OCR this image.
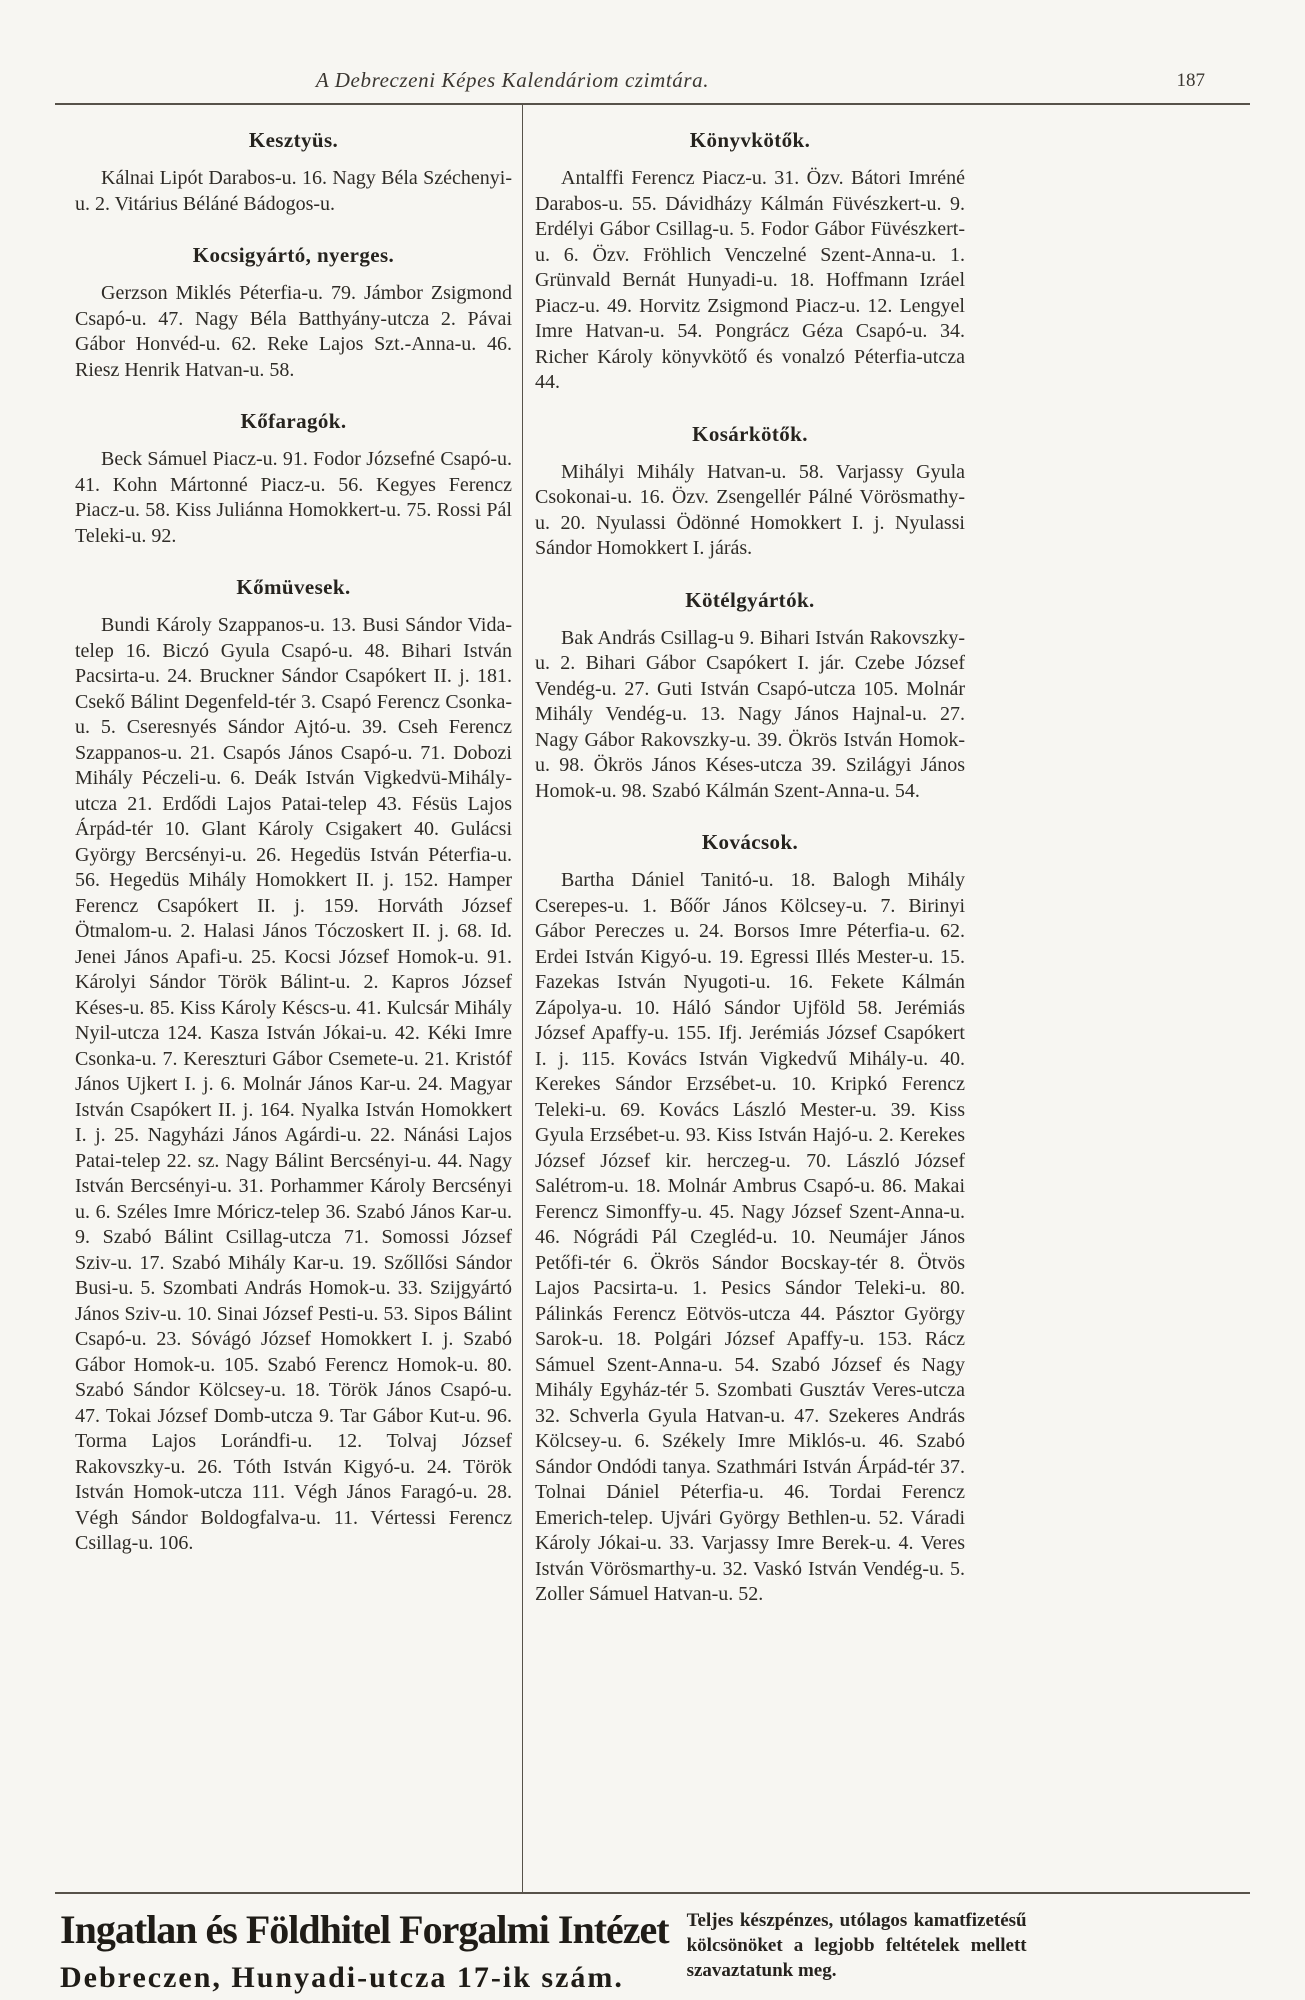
A Debreczeni Képes Kalendáriom czimtára.	187
Kesztyüs.

Kálnai Lipót Darabos-u. 16. Nagy Béla Széchenyi-u. 2. Vitárius Béláné Bádogos-u.

Kocsigyártó, nyerges.

Gerzson Miklés Péterfia-u. 79. Jámbor Zsigmond Csapó-u. 47. Nagy Béla Batthyány-utcza 2. Pávai Gábor Honvéd-u. 62. Reke Lajos Szt.-Anna-u. 46. Riesz Henrik Hatvan-u. 58.

Kőfaragók.

Beck Sámuel Piacz-u. 91. Fodor Józsefné Csapó-u. 41. Kohn Mártonné Piacz-u. 56. Kegyes Ferencz Piacz-u. 58. Kiss Juliánna Homokkert-u. 75. Rossi Pál Teleki-u. 92.

Kőmüvesek.

Bundi Károly Szappanos-u. 13. Busi Sándor Vida-telep 16. Biczó Gyula Csapó-u. 48. Bihari István Pacsirta-u. 24. Bruckner Sándor Csapókert II. j. 181. Csekő Bálint Degenfeld-tér 3. Csapó Ferencz Csonka-u. 5. Cseresnyés Sándor Ajtó-u. 39. Cseh Ferencz Szappanos-u. 21. Csapós János Csapó-u. 71. Dobozi Mihály Péczeli-u. 6. Deák István Vigkedvü-Mihály-utcza 21. Erdődi Lajos Patai-telep 43. Fésüs Lajos Árpád-tér 10. Glant Károly Csigakert 40. Gulácsi György Bercsényi-u. 26. Hegedüs István Péterfia-u. 56. Hegedüs Mihály Homokkert II. j. 152. Hamper Ferencz Csapókert II. j. 159. Horváth József Ötmalom-u. 2. Halasi János Tóczoskert II. j. 68. Id. Jenei János Apafi-u. 25. Kocsi József Homok-u. 91. Károlyi Sándor Török Bálint-u. 2. Kapros József Késes-u. 85. Kiss Károly Késcs-u. 41. Kulcsár Mihály Nyil-utcza 124. Kasza István Jókai-u. 42. Kéki Imre Csonka-u. 7. Kereszturi Gábor Csemete-u. 21. Kristóf János Ujkert I. j. 6. Molnár János Kar-u. 24. Magyar István Csapókert II. j. 164. Nyalka István Homokkert I. j. 25. Nagyházi János Agárdi-u. 22. Nánási Lajos Patai-telep 22. sz. Nagy Bálint Bercsényi-u. 44. Nagy István Bercsényi-u. 31. Porhammer Károly Bercsényi u. 6. Széles Imre Móricz-telep 36. Szabó János Kar-u. 9. Szabó Bálint Csillag-utcza 71. Somossi József Sziv-u. 17. Szabó Mihály Kar-u. 19. Szőllősi Sándor Busi-u. 5. Szombati András Homok-u. 33. Szijgyártó János Sziv-u. 10. Sinai József Pesti-u. 53. Sipos Bálint Csapó-u. 23. Sóvágó József Homokkert I. j. Szabó Gábor Homok-u. 105. Szabó Ferencz Homok-u. 80. Szabó Sándor Kölcsey-u. 18. Török János Csapó-u. 47. Tokai József Domb-utcza 9. Tar Gábor Kut-u. 96. Torma Lajos Lorándfi-u. 12. Tolvaj József Rakovszky-u. 26. Tóth István Kigyó-u. 24. Török István Homok-utcza 111. Végh János Faragó-u. 28. Végh Sándor Boldogfalva-u. 11. Vértessi Ferencz Csillag-u. 106.

Könyvkötők.

Antalffi Ferencz Piacz-u. 31. Özv. Bátori Imréné Darabos-u. 55. Dávidházy Kálmán Füvészkert-u. 9. Erdélyi Gábor Csillag-u. 5. Fodor Gábor Füvészkert-u. 6. Özv. Fröhlich Venczelné Szent-Anna-u. 1. Grünvald Bernát Hunyadi-u. 18. Hoffmann Izráel Piacz-u. 49. Horvitz Zsigmond Piacz-u. 12. Lengyel Imre Hatvan-u. 54. Pongrácz Géza Csapó-u. 34. Richer Károly könyvkötő és vonalzó Péterfia-utcza 44.

Kosárkötők.

Mihályi Mihály Hatvan-u. 58. Varjassy Gyula Csokonai-u. 16. Özv. Zsengellér Pálné Vörösmathy-u. 20. Nyulassi Ödönné Homokkert I. j. Nyulassi Sándor Homokkert I. járás.

Kötélgyártók.

Bak András Csillag-u 9. Bihari István Rakovszky-u. 2. Bihari Gábor Csapókert I. jár. Czebe József Vendég-u. 27. Guti István Csapó-utcza 105. Molnár Mihály Vendég-u. 13. Nagy János Hajnal-u. 27. Nagy Gábor Rakovszky-u. 39. Ökrös István Homok-u. 98. Ökrös János Késes-utcza 39. Szilágyi János Homok-u. 98. Szabó Kálmán Szent-Anna-u. 54.

Kovácsok.

Bartha Dániel Tanitó-u. 18. Balogh Mihály Cserepes-u. 1. Bőőr János Kölcsey-u. 7. Birinyi Gábor Pereczes u. 24. Borsos Imre Péterfia-u. 62. Erdei István Kigyó-u. 19. Egressi Illés Mester-u. 15. Fazekas István Nyugoti-u. 16. Fekete Kálmán Zápolya-u. 10. Háló Sándor Ujföld 58. Jerémiás József Apaffy-u. 155. Ifj. Jerémiás József Csapókert I. j. 115. Kovács István Vigkedvű Mihály-u. 40. Kerekes Sándor Erzsébet-u. 10. Kripkó Ferencz Teleki-u. 69. Kovács László Mester-u. 39. Kiss Gyula Erzsébet-u. 93. Kiss István Hajó-u. 2. Kerekes József József kir. herczeg-u. 70. László József Salétrom-u. 18. Molnár Ambrus Csapó-u. 86. Makai Ferencz Simonffy-u. 45. Nagy József Szent-Anna-u. 46. Nógrádi Pál Czegléd-u. 10. Neumájer János Petőfi-tér 6. Ökrös Sándor Bocskay-tér 8. Ötvös Lajos Pacsirta-u. 1. Pesics Sándor Teleki-u. 80. Pálinkás Ferencz Eötvös-utcza 44. Pásztor György Sarok-u. 18. Polgári József Apaffy-u. 153. Rácz Sámuel Szent-Anna-u. 54. Szabó József és Nagy Mihály Egyház-tér 5. Szombati Gusztáv Veres-utcza 32. Schverla Gyula Hatvan-u. 47. Szekeres András Kölcsey-u. 6. Székely Imre Miklós-u. 46. Szabó Sándor Ondódi tanya. Szathmári István Árpád-tér 37. Tolnai Dániel Péterfia-u. 46. Tordai Ferencz Emerich-telep. Ujvári György Bethlen-u. 52. Váradi Károly Jókai-u. 33. Varjassy Imre Berek-u. 4. Veres István Vörösmarthy-u. 32. Vaskó István Vendég-u. 5. Zoller Sámuel Hatvan-u. 52.

Ingatlan és Földhitel Forgalmi Intézet
Debreczen, Hunyadi-utcza 17-ik szám.
Teljes készpénzes, utólagos kamatfizetésű kölcsönöket a legjobb feltételek mellett szavaztatunk meg.
